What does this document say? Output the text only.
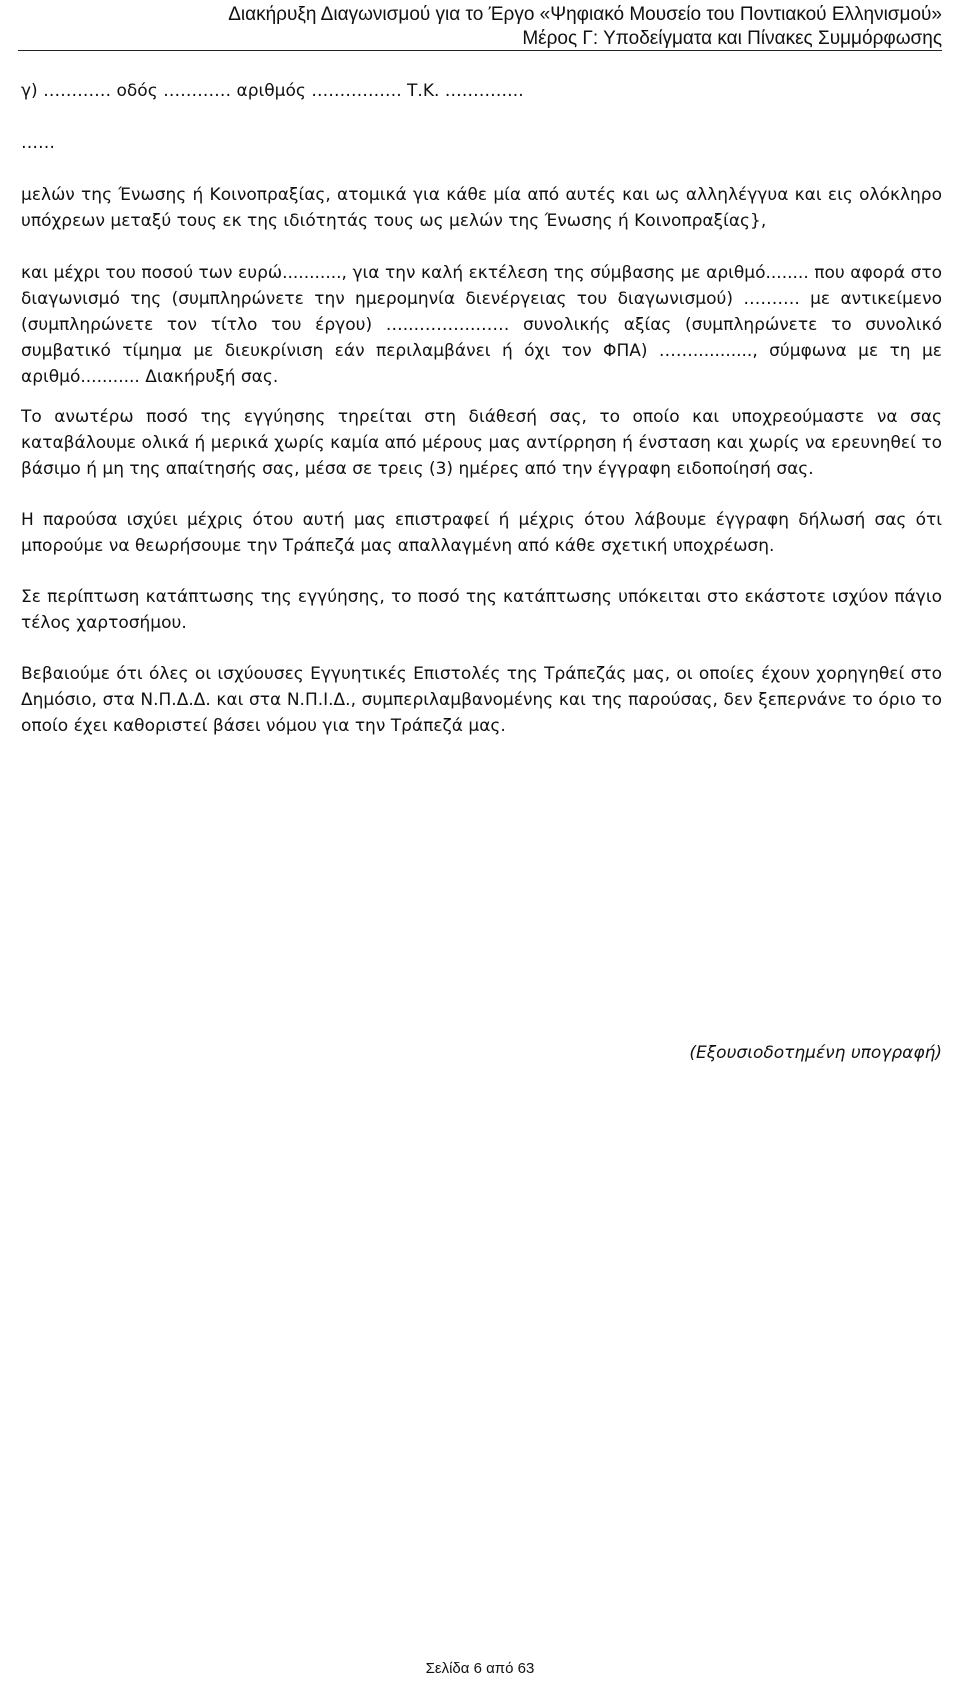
Διακήρυξη Διαγωνισμού για το Έργο «Ψηφιακό Μουσείο του Ποντιακού Ελληνισμού»
Μέρος Γ: Υποδείγματα και Πίνακες Συμμόρφωσης

γ) ………… οδός ………… αριθμός ……………. Τ.Κ. …………..

……

μελών της Ένωσης ή Κοινοπραξίας, ατομικά για κάθε μία από αυτές και ως αλληλέγγυα και εις ολόκληρο υπόχρεων μεταξύ τους εκ της ιδιότητάς τους ως μελών της Ένωσης ή Κοινοπραξίας},

και μέχρι του ποσού των ευρώ..........., για την καλή εκτέλεση της σύμβασης με αριθμό........ που αφορά στο διαγωνισμό της (συμπληρώνετε την ημερομηνία διενέργειας του διαγωνισμού) ………. με αντικείμενο (συμπληρώνετε τον τίτλο του έργου) …..………..…… συνολικής αξίας (συμπληρώνετε το συνολικό συμβατικό τίμημα με διευκρίνιση εάν περιλαμβάνει ή όχι τον ΦΠΑ) ……..........., σύμφωνα με τη με αριθμό........... Διακήρυξή σας.

Το ανωτέρω ποσό της εγγύησης τηρείται στη διάθεσή σας, το οποίο και υποχρεούμαστε να σας καταβάλουμε ολικά ή μερικά χωρίς καμία από μέρους μας αντίρρηση ή ένσταση και χωρίς να ερευνηθεί το βάσιμο ή μη της απαίτησής σας, μέσα σε τρεις (3) ημέρες από την έγγραφη ειδοποίησή σας.

Η παρούσα ισχύει μέχρις ότου αυτή μας επιστραφεί ή μέχρις ότου λάβουμε έγγραφη δήλωσή σας ότι μπορούμε να θεωρήσουμε την Τράπεζά μας απαλλαγμένη από κάθε σχετική υποχρέωση.

Σε περίπτωση κατάπτωσης της εγγύησης, το ποσό της κατάπτωσης υπόκειται στο εκάστοτε ισχύον πάγιο τέλος χαρτοσήμου.

Βεβαιούμε ότι όλες οι ισχύουσες Εγγυητικές Επιστολές της Τράπεζάς μας, οι οποίες έχουν χορηγηθεί στο Δημόσιο, στα Ν.Π.Δ.Δ. και στα Ν.Π.Ι.Δ., συμπεριλαμβανομένης και της παρούσας, δεν ξεπερνάνε το όριο το οποίο έχει καθοριστεί βάσει νόμου για την Τράπεζά μας.

(Εξουσιοδοτημένη υπογραφή)
Σελίδα 6 από 63
